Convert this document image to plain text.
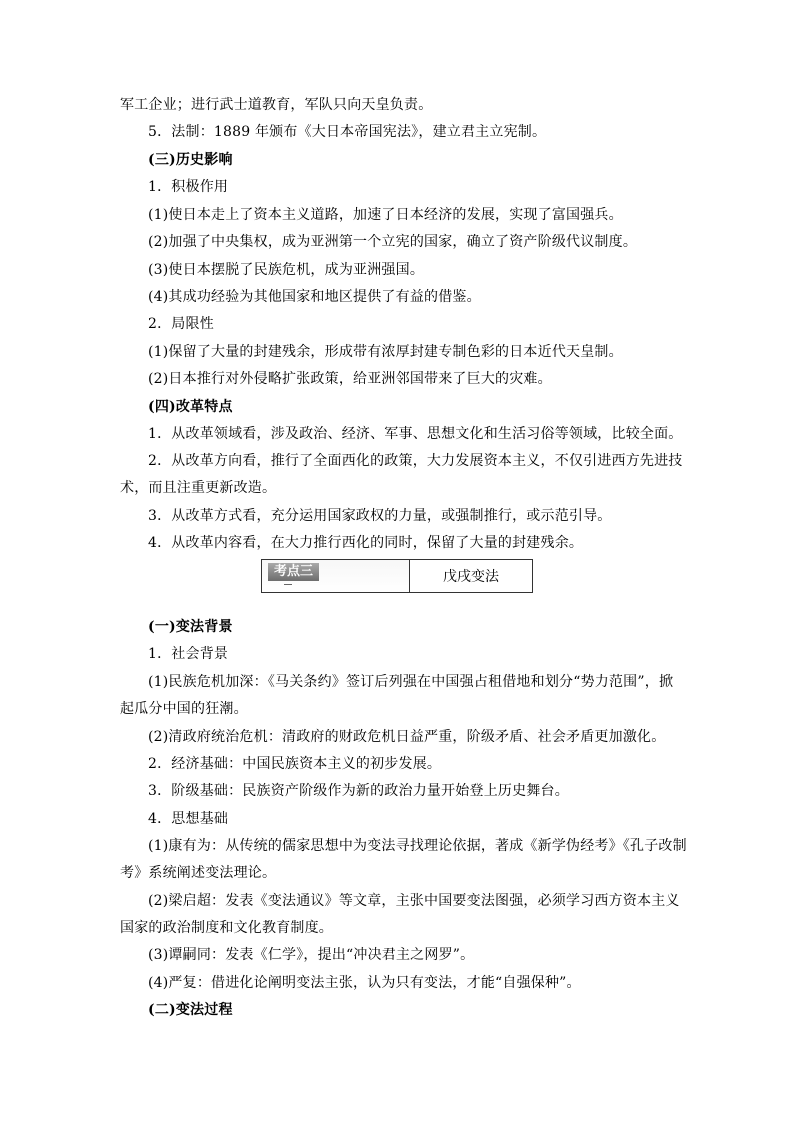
军工企业；进行武士道教育，军队只向天皇负责。
5．法制：1889 年颁布《大日本帝国宪法》，建立君主立宪制。
(三)历史影响
1．积极作用
(1)使日本走上了资本主义道路，加速了日本经济的发展，实现了富国强兵。
(2)加强了中央集权，成为亚洲第一个立宪的国家，确立了资产阶级代议制度。
(3)使日本摆脱了民族危机，成为亚洲强国。
(4)其成功经验为其他国家和地区提供了有益的借鉴。
2．局限性
(1)保留了大量的封建残余，形成带有浓厚封建专制色彩的日本近代天皇制。
(2)日本推行对外侵略扩张政策，给亚洲邻国带来了巨大的灾难。
(四)改革特点
1．从改革领域看，涉及政治、经济、军事、思想文化和生活习俗等领域，比较全面。
2．从改革方向看，推行了全面西化的政策，大力发展资本主义，不仅引进西方先进技
术，而且注重更新改造。
3．从改革方式看，充分运用国家政权的力量，或强制推行，或示范引导。
4．从改革内容看，在大力推行西化的同时，保留了大量的封建残余。
考点三	戊戌变法
(一)变法背景
1．社会背景
(1)民族危机加深：《马关条约》签订后列强在中国强占租借地和划分“势力范围”，掀
起瓜分中国的狂潮。
(2)清政府统治危机：清政府的财政危机日益严重，阶级矛盾、社会矛盾更加激化。
2．经济基础：中国民族资本主义的初步发展。
3．阶级基础：民族资产阶级作为新的政治力量开始登上历史舞台。
4．思想基础
(1)康有为：从传统的儒家思想中为变法寻找理论依据，著成《新学伪经考》《孔子改制
考》系统阐述变法理论。
(2)梁启超：发表《变法通议》等文章，主张中国要变法图强，必须学习西方资本主义
国家的政治制度和文化教育制度。
(3)谭嗣同：发表《仁学》，提出“冲决君主之网罗”。
(4)严复：借进化论阐明变法主张，认为只有变法，才能“自强保种”。
(二)变法过程
